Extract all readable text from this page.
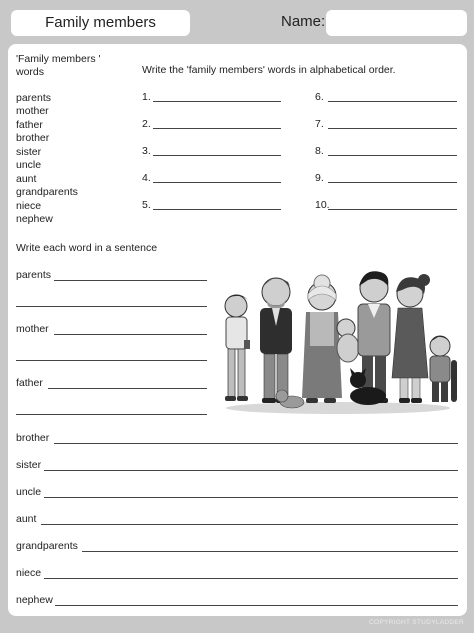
Family members	Name:
'Family members '
words
parents
mother
father
brother
sister
uncle
aunt
grandparents
niece
nephew
Write the 'family members' words in alphabetical order.
1.
2.
3.
4.
5.
6.
7.
8.
9.
10.
Write each word in a sentence
parents
mother
father
brother
sister
uncle
aunt
grandparents
niece
nephew
COPYRIGHT STUDYLADDER
